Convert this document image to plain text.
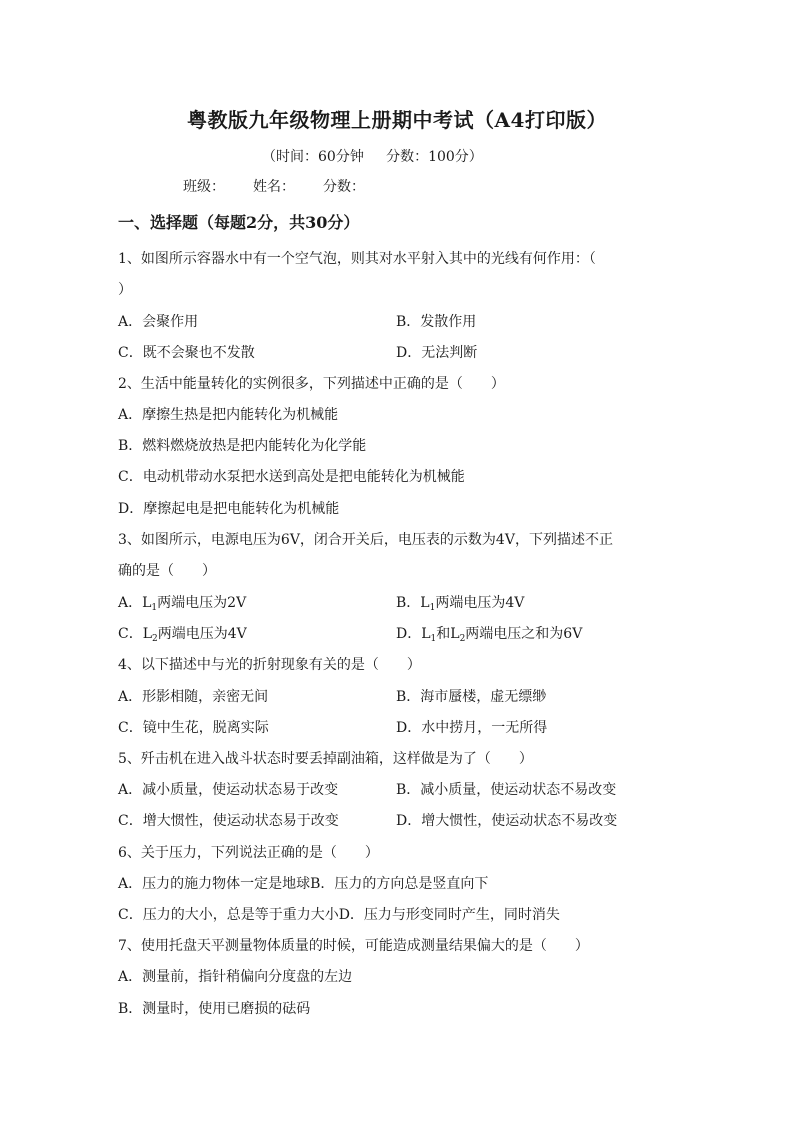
粤教版九年级物理上册期中考试（A4打印版）
（时间：60分钟     分数：100分）
班级： 姓名： 分数：
一、选择题（每题2分，共30分）
1、如图所示容器水中有一个空气泡，则其对水平射入其中的光线有何作用：（
）
A．会聚作用	B．发散作用
C．既不会聚也不发散	D．无法判断
2、生活中能量转化的实例很多，下列描述中正确的是（　　）
A．摩擦生热是把内能转化为机械能
B．燃料燃烧放热是把内能转化为化学能
C．电动机带动水泵把水送到高处是把电能转化为机械能
D．摩擦起电是把电能转化为机械能
3、如图所示，电源电压为6V，闭合开关后，电压表的示数为4V，下列描述不正
确的是（　　）
A．$L_1$两端电压为2V	B．$L_1$两端电压为4V
C．$L_2$两端电压为4V	D．$L_1$和$L_2$两端电压之和为6V
4、以下描述中与光的折射现象有关的是（　　）
A．形影相随，亲密无间	B．海市蜃楼，虚无缥缈
C．镜中生花，脱离实际	D．水中捞月，一无所得
5、歼击机在进入战斗状态时要丢掉副油箱，这样做是为了（　　）
A．减小质量，使运动状态易于改变	B．减小质量，使运动状态不易改变
C．增大惯性，使运动状态易于改变	D．增大惯性，使运动状态不易改变
6、关于压力，下列说法正确的是（　　）
A．压力的施力物体一定是地球B．压力的方向总是竖直向下
C．压力的大小，总是等于重力大小D．压力与形变同时产生，同时消失
7、使用托盘天平测量物体质量的时候，可能造成测量结果偏大的是（　　）
A．测量前，指针稍偏向分度盘的左边
B．测量时，使用已磨损的砝码
